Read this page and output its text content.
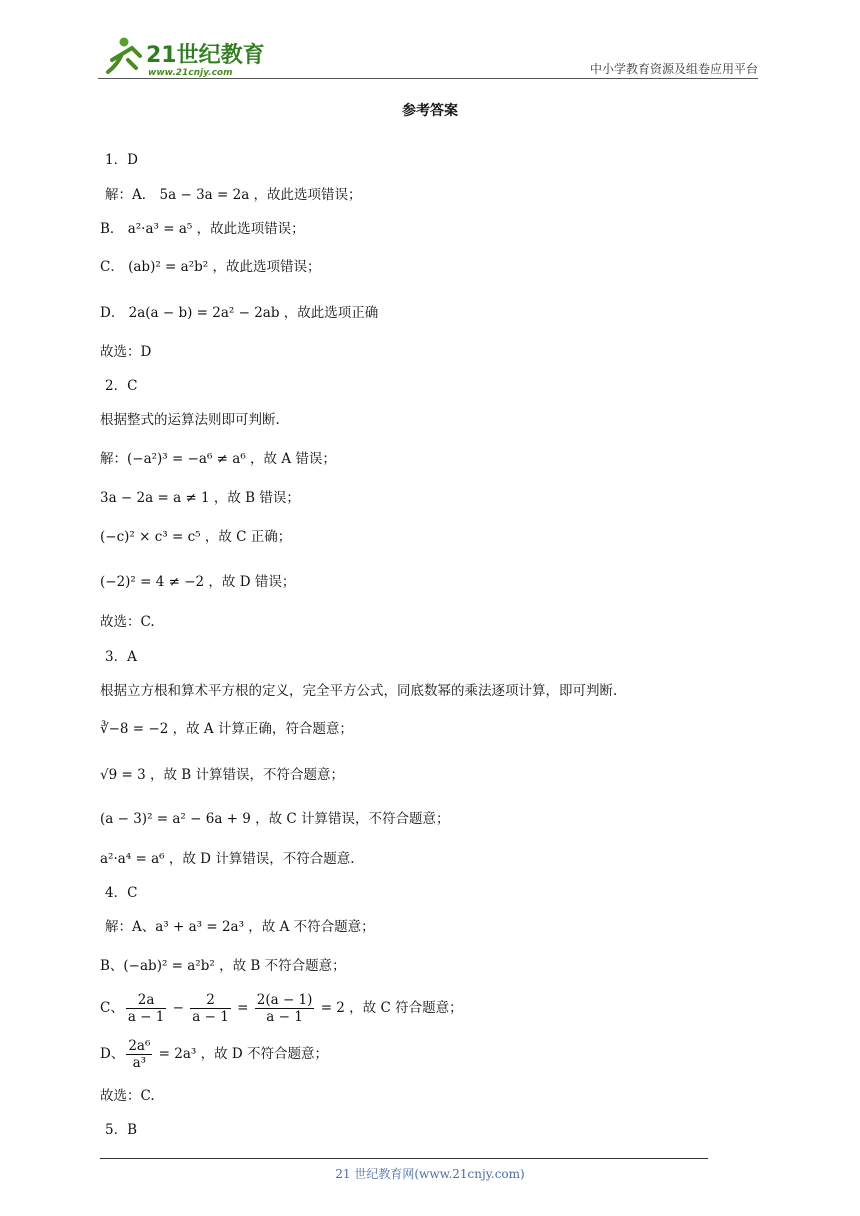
21世纪教育
www.21cnjy.com	中小学教育资源及组卷应用平台
参考答案
1．D
解：A． 5a − 3a = 2a ，故此选项错误；
B． a²·a³ = a⁵ ，故此选项错误；
C． (ab)² = a²b² ，故此选项错误；
D． 2a(a − b) = 2a² − 2ab ，故此选项正确
故选：D
2．C
根据整式的运算法则即可判断.
解：(−a²)³ = −a⁶ ≠ a⁶ ，故 A 错误；
3a − 2a = a ≠ 1 ，故 B 错误；
(−c)² × c³ = c⁵ ，故 C 正确；
(−2)² = 4 ≠ −2 ，故 D 错误；
故选：C.
3．A
根据立方根和算术平方根的定义，完全平方公式，同底数幂的乘法逐项计算，即可判断.
∛−8 = −2 ，故 A 计算正确，符合题意；
√9 = 3 ，故 B 计算错误，不符合题意；
(a − 3)² = a² − 6a + 9 ，故 C 计算错误，不符合题意；
a²·a⁴ = a⁶ ，故 D 计算错误，不符合题意.
4．C
解：A、a³ + a³ = 2a³ ，故 A 不符合题意；
B、(−ab)² = a²b² ，故 B 不符合题意；
C、 $\frac{2a}{a - 1} - \frac{2}{a - 1} = \frac{2(a - 1)}{a - 1} = 2$ ，故 C 符合题意；
D、 $\frac{\text{2a⁶}}{\text{a³}} = 2a^3$ ，故 D 不符合题意；
故选：C.
5．B
21 世纪教育网(www.21cnjy.com)
